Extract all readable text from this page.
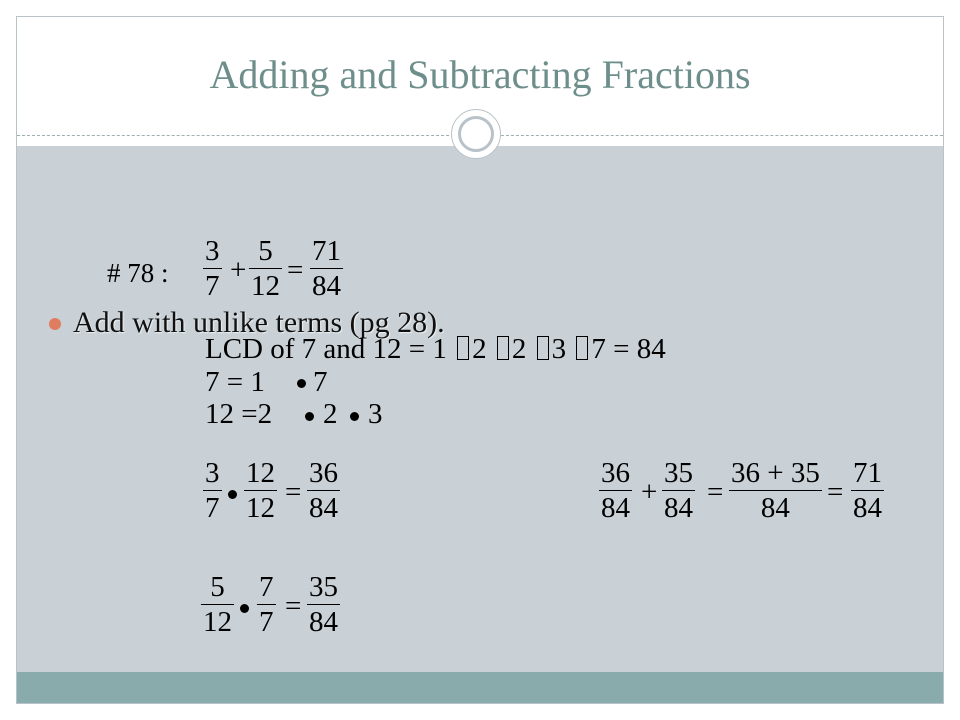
Adding and Subtracting Fractions
Add with unlike terms (pg 28).
# 78 :
3
7 +
5
12 =
71
84
LCD of 7 and 12 = 1 2 2 3 7 = 84
7 = 1 7
12 =2 2 3
3
7
12
12 =
36
84
5
12
7
7 =
35
84
36
84 +
35
84 =
36 + 35
84 =
71
84
